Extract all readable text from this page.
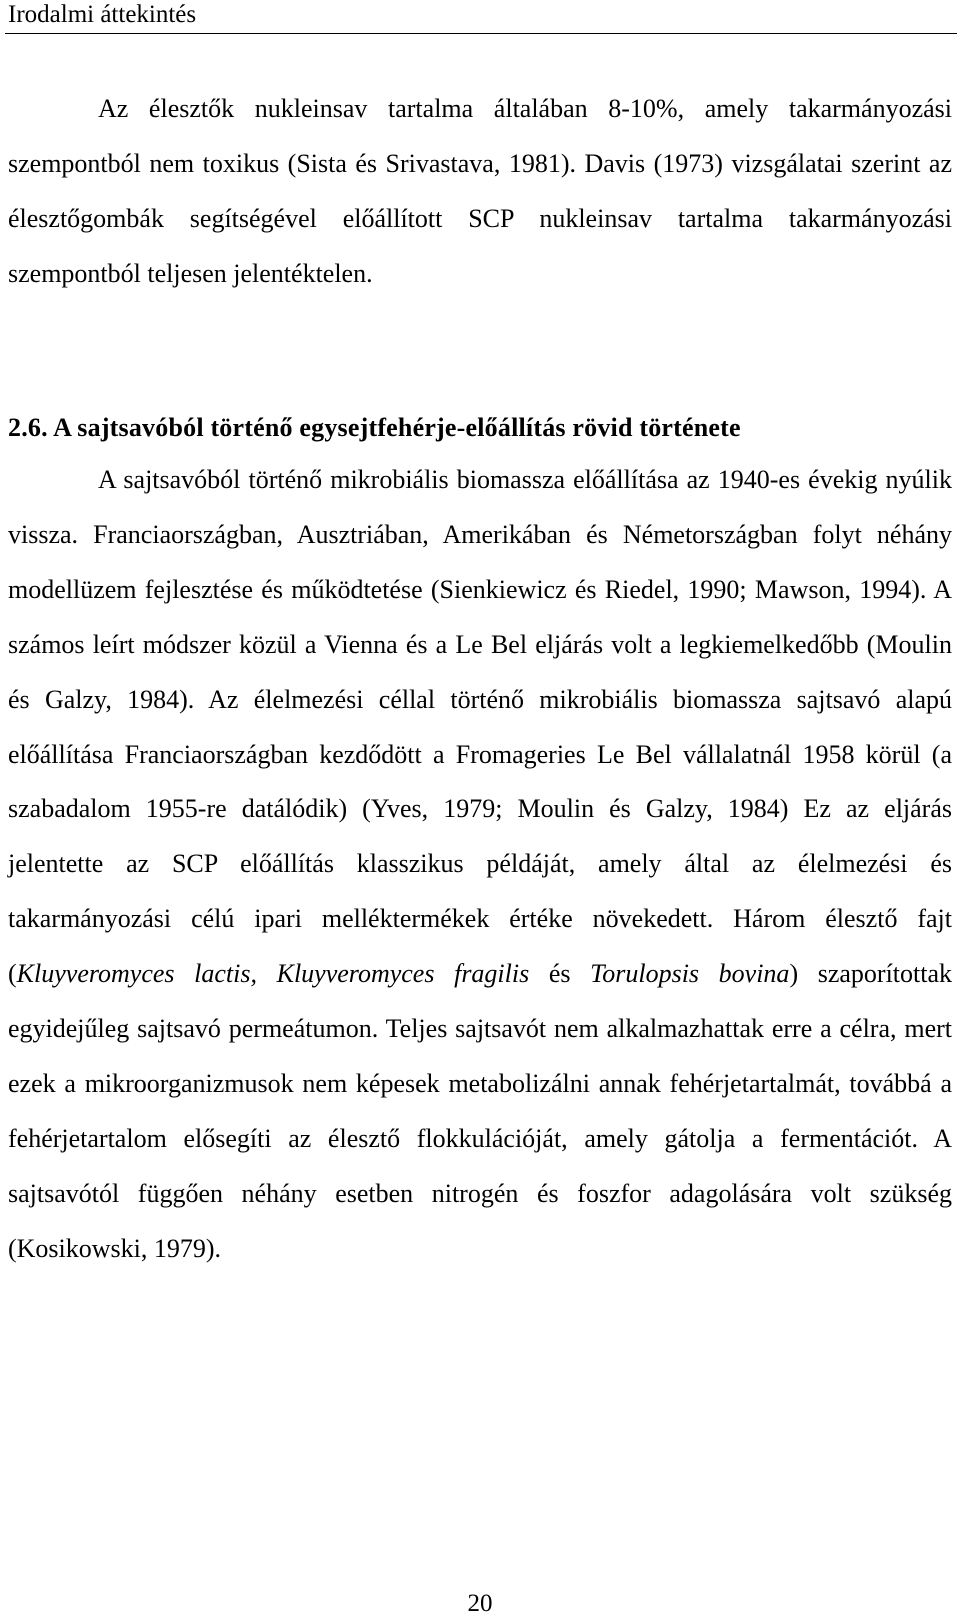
Irodalmi áttekintés

Az élesztők nukleinsav tartalma általában 8-10%, amely takarmányozási szempontból nem toxikus (Sista és Srivastava, 1981). Davis (1973) vizsgálatai szerint az élesztőgombák segítségével előállított SCP nukleinsav tartalma takarmányozási szempontból teljesen jelentéktelen.

2.6. A sajtsavóból történő egysejtfehérje-előállítás rövid története

A sajtsavóból történő mikrobiális biomassza előállítása az 1940-es évekig nyúlik vissza. Franciaországban, Ausztriában, Amerikában és Németországban folyt néhány modellüzem fejlesztése és működtetése (Sienkiewicz és Riedel, 1990; Mawson, 1994). A számos leírt módszer közül a Vienna és a Le Bel eljárás volt a legkiemelkedőbb (Moulin és Galzy, 1984). Az élelmezési céllal történő mikrobiális biomassza sajtsavó alapú előállítása Franciaországban kezdődött a Fromageries Le Bel vállalatnál 1958 körül (a szabadalom 1955-re datálódik) (Yves, 1979; Moulin és Galzy, 1984) Ez az eljárás jelentette az SCP előállítás klasszikus példáját, amely által az élelmezési és takarmányozási célú ipari melléktermékek értéke növekedett. Három élesztő fajt (Kluyveromyces lactis, Kluyveromyces fragilis és Torulopsis bovina) szaporítottak egyidejűleg sajtsavó permeátumon. Teljes sajtsavót nem alkalmazhattak erre a célra, mert ezek a mikroorganizmusok nem képesek metabolizálni annak fehérjetartalmát, továbbá a fehérjetartalom elősegíti az élesztő flokkulációját, amely gátolja a fermentációt. A sajtsavótól függően néhány esetben nitrogén és foszfor adagolására volt szükség (Kosikowski, 1979).

20
